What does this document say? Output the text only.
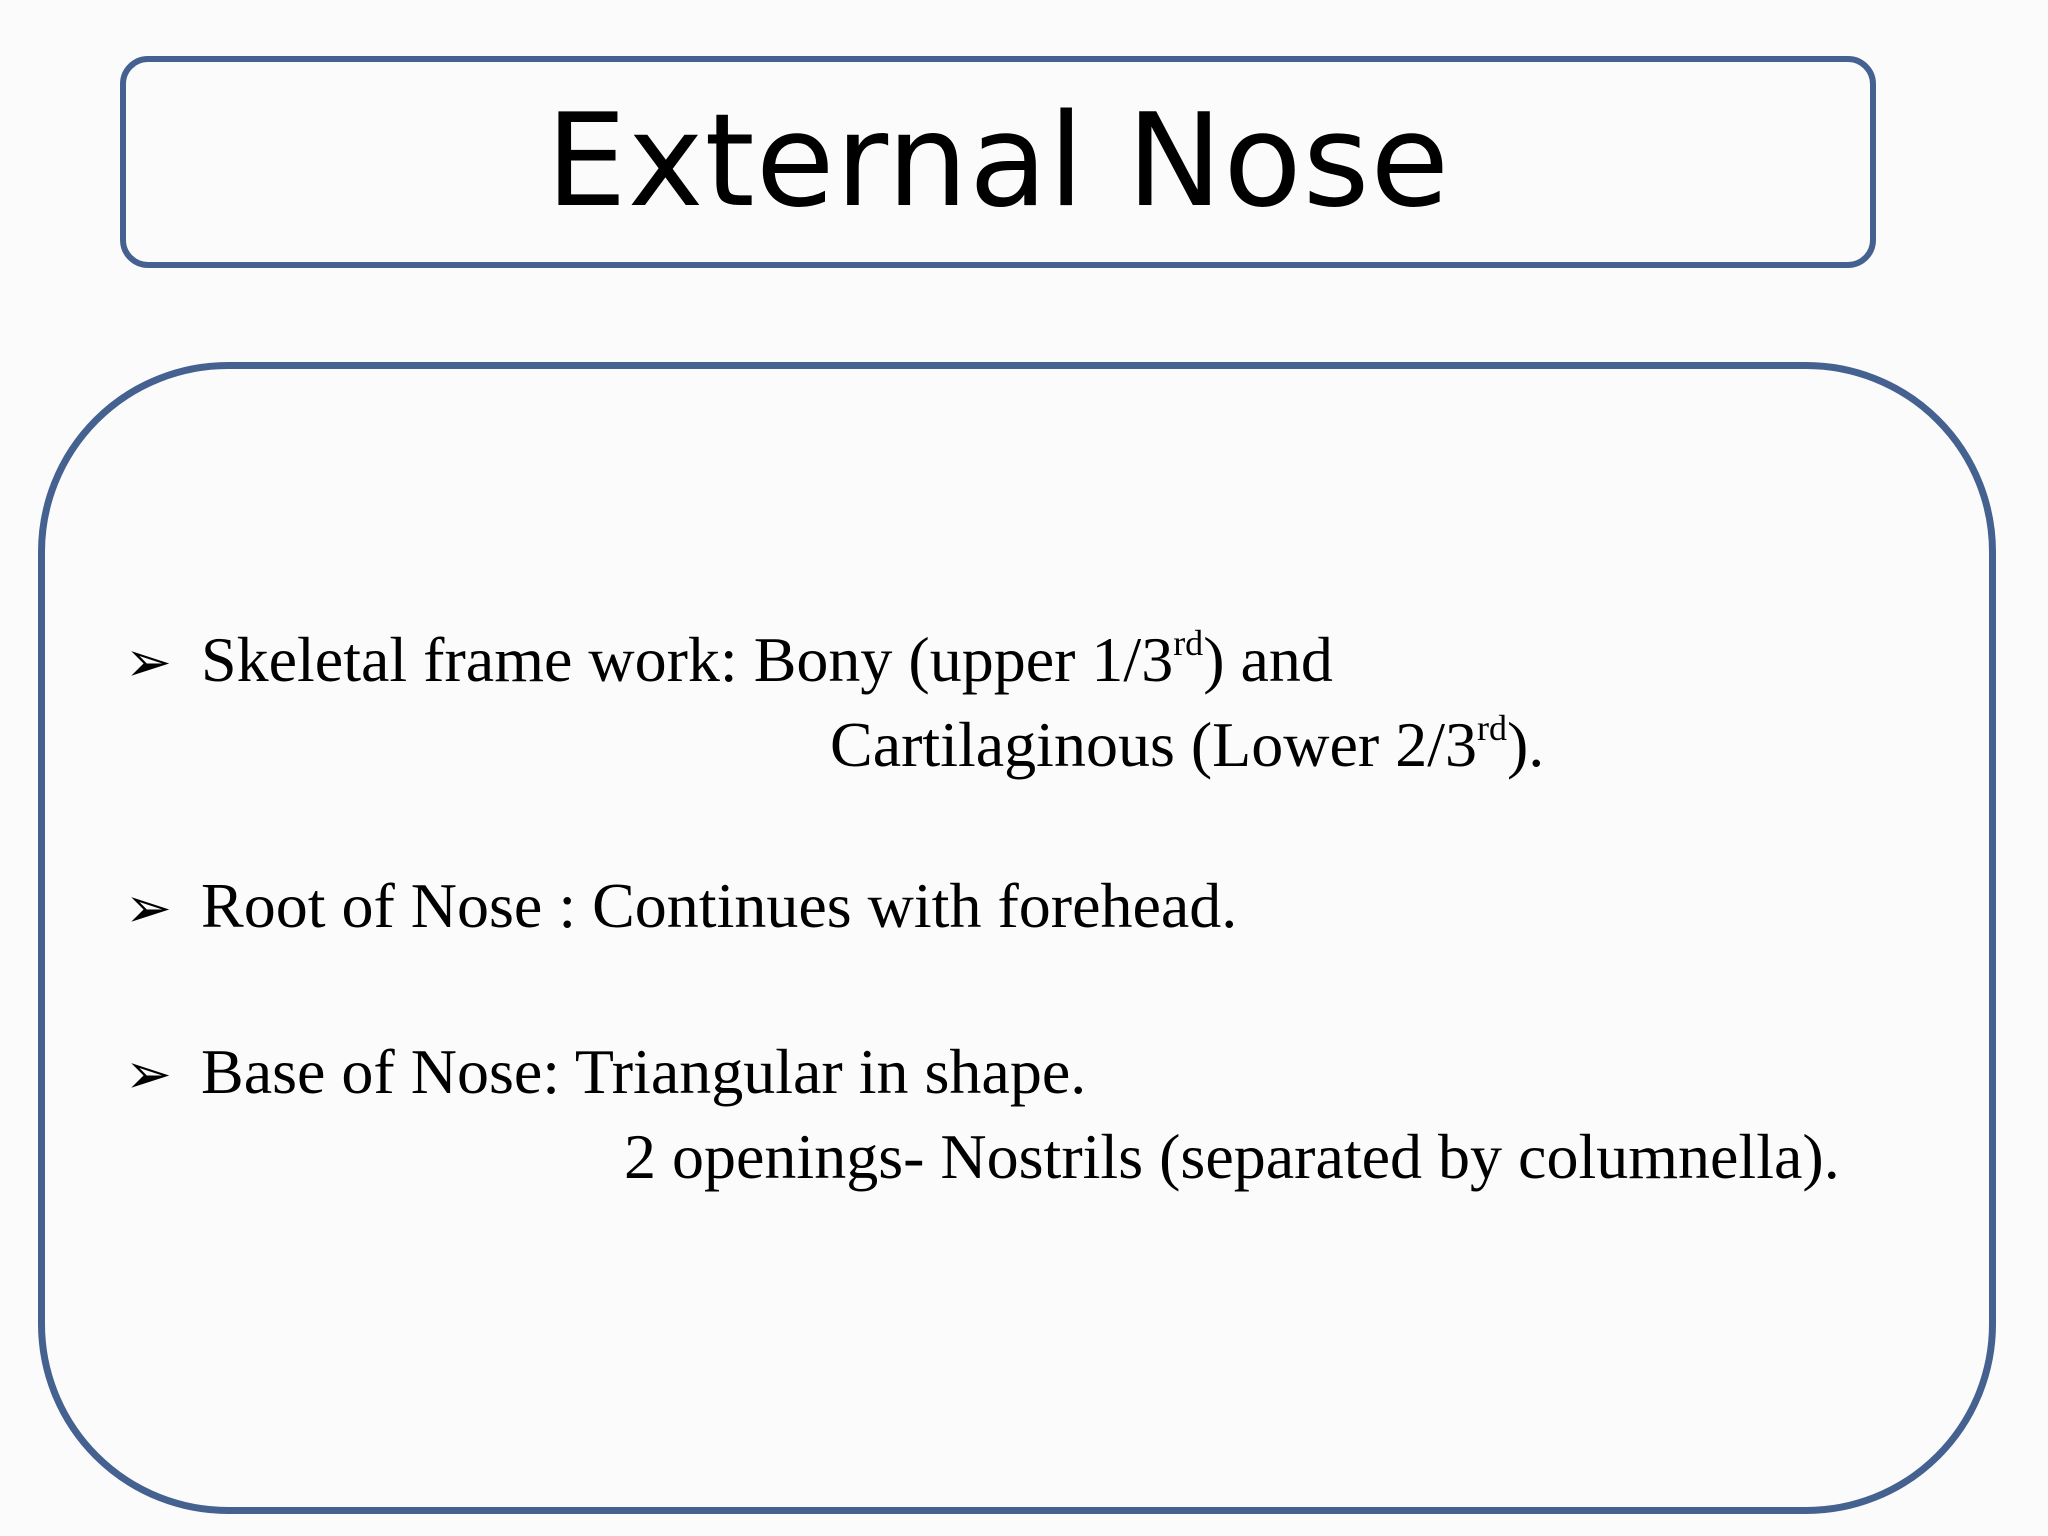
External Nose
➢ Skeletal frame work: Bony (upper 1/3rd) and
Cartilaginous (Lower 2/3rd).
➢ Root of Nose : Continues with forehead.
➢ Base of Nose: Triangular in shape.
2 openings- Nostrils (separated by columnella).
